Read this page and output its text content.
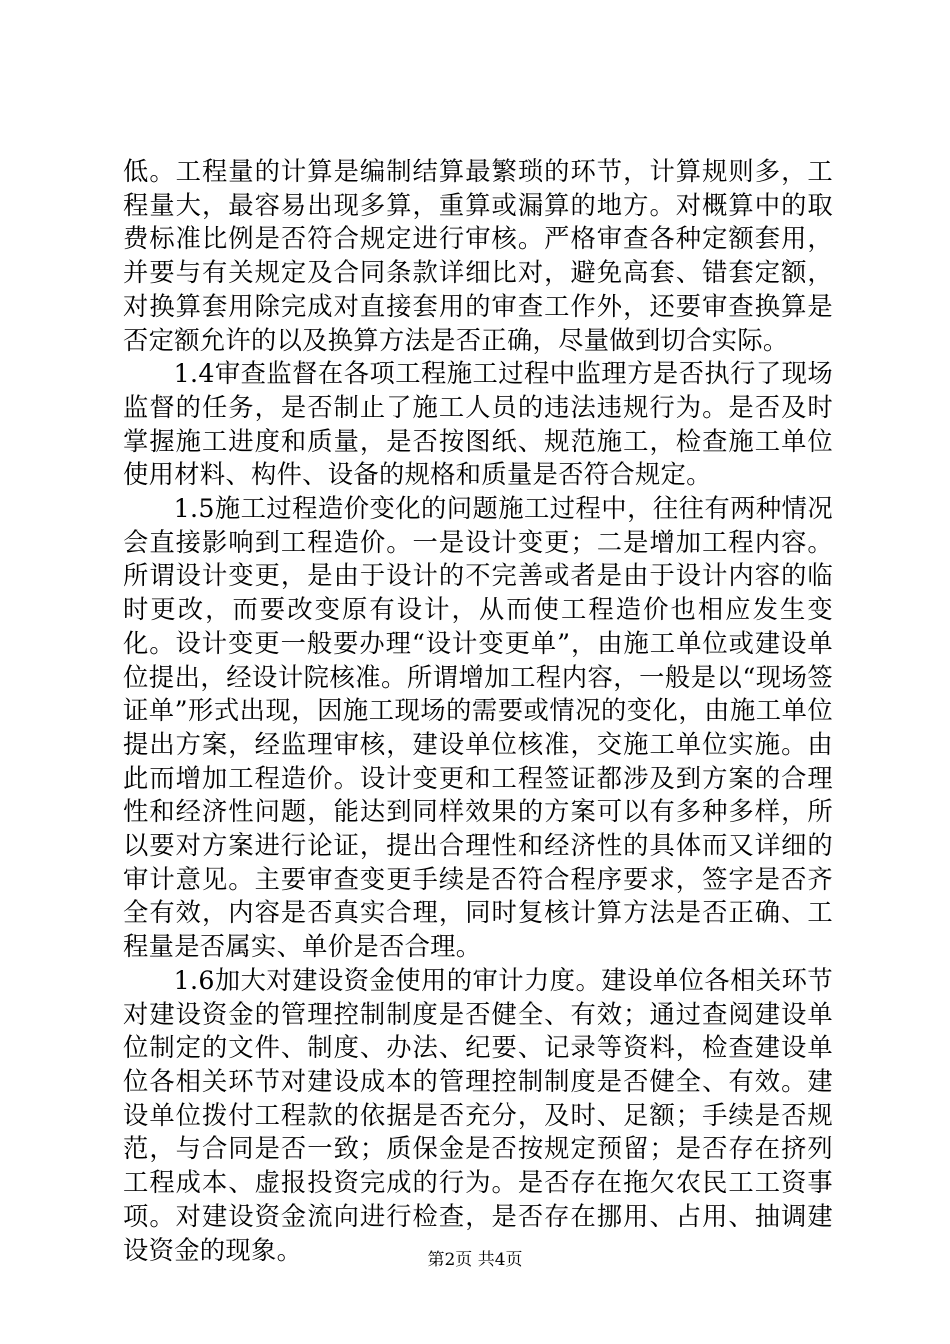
低。工程量的计算是编制结算最繁琐的环节，计算规则多，工程量大，最容易出现多算，重算或漏算的地方。对概算中的取费标准比例是否符合规定进行审核。严格审查各种定额套用，并要与有关规定及合同条款详细比对，避免高套、错套定额，对换算套用除完成对直接套用的审查工作外，还要审查换算是否定额允许的以及换算方法是否正确，尽量做到切合实际。

1.4审查监督在各项工程施工过程中监理方是否执行了现场监督的任务，是否制止了施工人员的违法违规行为。是否及时掌握施工进度和质量，是否按图纸、规范施工，检查施工单位使用材料、构件、设备的规格和质量是否符合规定。

1.5施工过程造价变化的问题施工过程中，往往有两种情况会直接影响到工程造价。一是设计变更；二是增加工程内容。所谓设计变更，是由于设计的不完善或者是由于设计内容的临时更改，而要改变原有设计，从而使工程造价也相应发生变化。设计变更一般要办理“设计变更单”，由施工单位或建设单位提出，经设计院核准。所谓增加工程内容，一般是以“现场签证单”形式出现，因施工现场的需要或情况的变化，由施工单位提出方案，经监理审核，建设单位核准，交施工单位实施。由此而增加工程造价。设计变更和工程签证都涉及到方案的合理性和经济性问题，能达到同样效果的方案可以有多种多样，所以要对方案进行论证，提出合理性和经济性的具体而又详细的审计意见。主要审查变更手续是否符合程序要求，签字是否齐全有效，内容是否真实合理，同时复核计算方法是否正确、工程量是否属实、单价是否合理。

1.6加大对建设资金使用的审计力度。建设单位各相关环节对建设资金的管理控制制度是否健全、有效；通过查阅建设单位制定的文件、制度、办法、纪要、记录等资料，检查建设单位各相关环节对建设成本的管理控制制度是否健全、有效。建设单位拨付工程款的依据是否充分，及时、足额；手续是否规范，与合同是否一致；质保金是否按规定预留；是否存在挤列工程成本、虚报投资完成的行为。是否存在拖欠农民工工资事项。对建设资金流向进行检查，是否存在挪用、占用、抽调建设资金的现象。	第2页 共4页
